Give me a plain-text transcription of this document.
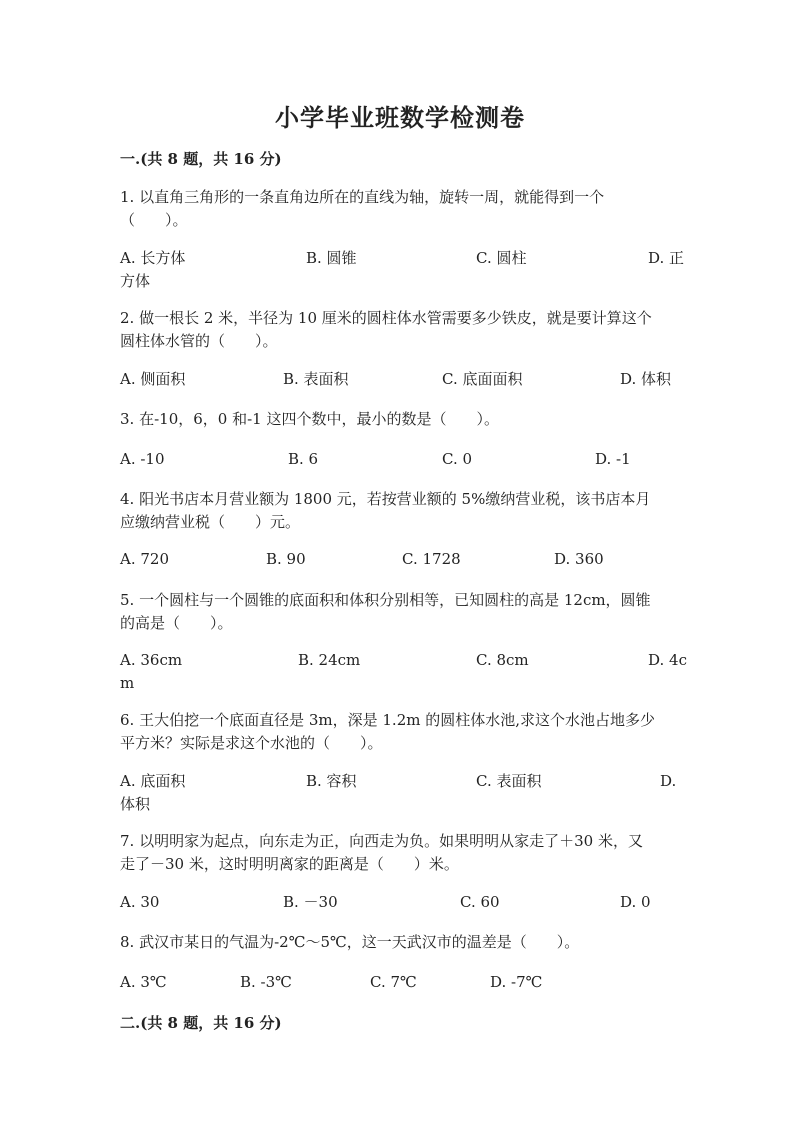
小学毕业班数学检测卷
一.(共 8 题，共 16 分)
1. 以直角三角形的一条直角边所在的直线为轴，旋转一周，就能得到一个
（　　）。
A. 长方体	B. 圆锥	C. 圆柱	D. 正
方体
2. 做一根长 2 米，半径为 10 厘米的圆柱体水管需要多少铁皮，就是要计算这个
圆柱体水管的（　　）。
A. 侧面积	B. 表面积	C. 底面面积	D. 体积
3. 在-10，6，0 和-1 这四个数中，最小的数是（　　）。
A. -10	B. 6	C. 0	D. -1
4. 阳光书店本月营业额为 1800 元，若按营业额的 5%缴纳营业税，该书店本月
应缴纳营业税（　　）元。
A. 720	B. 90	C. 1728	D. 360
5. 一个圆柱与一个圆锥的底面积和体积分别相等，已知圆柱的高是 12cm，圆锥
的高是（　　）。
A. 36cm	B. 24cm	C. 8cm	D. 4c
m
6. 王大伯挖一个底面直径是 3m，深是 1.2m 的圆柱体水池,求这个水池占地多少
平方米？实际是求这个水池的（　　）。
A. 底面积	B. 容积	C. 表面积	D.
体积
7. 以明明家为起点，向东走为正，向西走为负。如果明明从家走了＋30 米，又
走了－30 米，这时明明离家的距离是（　　）米。
A. 30	B. －30	C. 60	D. 0
8. 武汉市某日的气温为-2℃～5℃，这一天武汉市的温差是（　　）。
A. 3℃	B. -3℃	C. 7℃	D. -7℃
二.(共 8 题，共 16 分)
